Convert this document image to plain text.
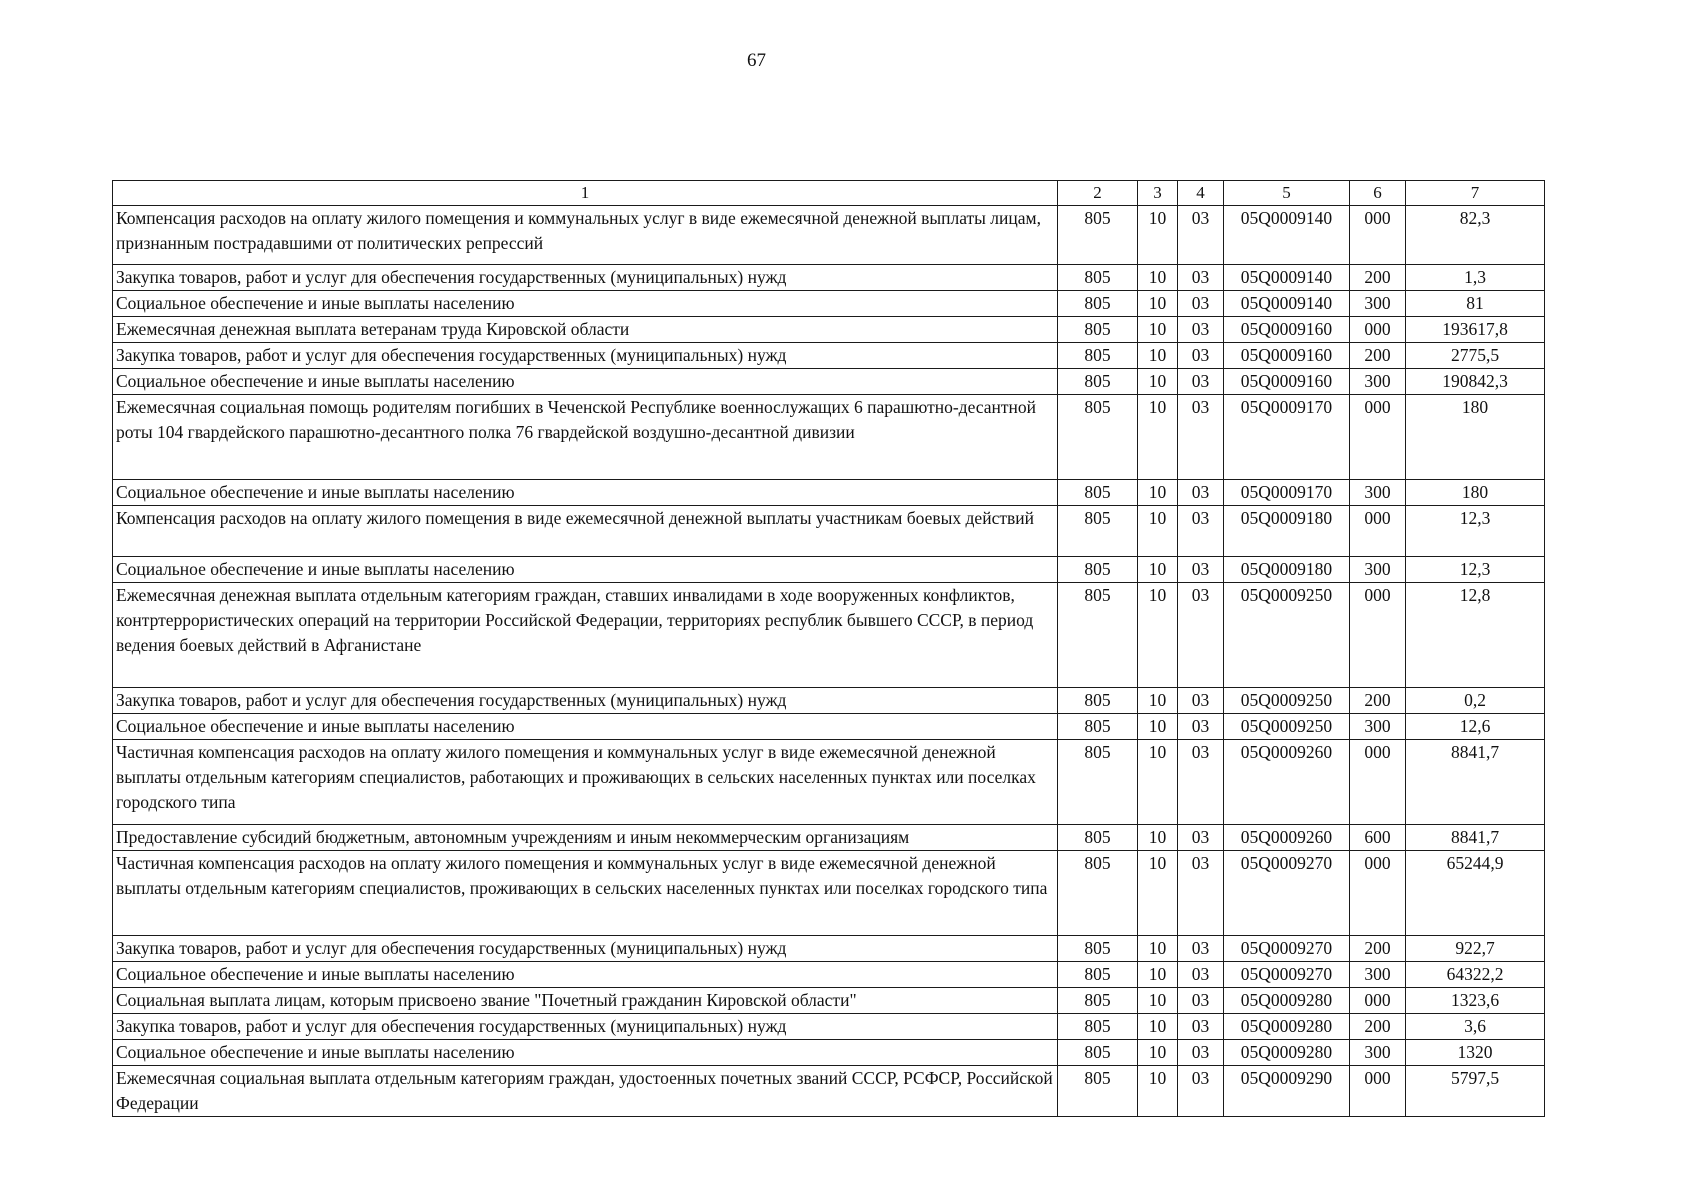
67
1	2	3	4	5	6	7
Компенсация расходов на оплату жилого помещения и коммунальных услуг в виде ежемесячной денежной выплаты лицам, признанным пострадавшими от политических репрессий	805	10	03	05Q0009140	000	82,3
Закупка товаров, работ и услуг для обеспечения государственных (муниципальных) нужд	805	10	03	05Q0009140	200	1,3
Социальное обеспечение и иные выплаты населению	805	10	03	05Q0009140	300	81
Ежемесячная денежная выплата ветеранам труда Кировской области	805	10	03	05Q0009160	000	193617,8
Закупка товаров, работ и услуг для обеспечения государственных (муниципальных) нужд	805	10	03	05Q0009160	200	2775,5
Социальное обеспечение и иные выплаты населению	805	10	03	05Q0009160	300	190842,3
Ежемесячная социальная помощь родителям погибших в Чеченской Республике военнослужащих 6 парашютно-десантной роты 104 гвардейского парашютно-десантного полка 76 гвардейской воздушно-десантной дивизии	805	10	03	05Q0009170	000	180
Социальное обеспечение и иные выплаты населению	805	10	03	05Q0009170	300	180
Компенсация расходов на оплату жилого помещения в виде ежемесячной денежной выплаты участникам боевых действий	805	10	03	05Q0009180	000	12,3
Социальное обеспечение и иные выплаты населению	805	10	03	05Q0009180	300	12,3
Ежемесячная денежная выплата отдельным категориям граждан, ставших инвалидами в ходе вооруженных конфликтов, контртеррористических операций на территории Российской Федерации, территориях республик бывшего СССР, в период ведения боевых действий в Афганистане	805	10	03	05Q0009250	000	12,8
Закупка товаров, работ и услуг для обеспечения государственных (муниципальных) нужд	805	10	03	05Q0009250	200	0,2
Социальное обеспечение и иные выплаты населению	805	10	03	05Q0009250	300	12,6
Частичная компенсация расходов на оплату жилого помещения и коммунальных услуг в виде ежемесячной денежной выплаты отдельным категориям специалистов, работающих и проживающих в сельских населенных пунктах или поселках городского типа	805	10	03	05Q0009260	000	8841,7
Предоставление субсидий бюджетным, автономным учреждениям и иным некоммерческим организациям	805	10	03	05Q0009260	600	8841,7
Частичная компенсация расходов на оплату жилого помещения и коммунальных услуг в виде ежемесячной денежной выплаты отдельным категориям специалистов, проживающих в сельских населенных пунктах или поселках городского типа	805	10	03	05Q0009270	000	65244,9
Закупка товаров, работ и услуг для обеспечения государственных (муниципальных) нужд	805	10	03	05Q0009270	200	922,7
Социальное обеспечение и иные выплаты населению	805	10	03	05Q0009270	300	64322,2
Социальная выплата лицам, которым присвоено звание "Почетный гражданин Кировской области"	805	10	03	05Q0009280	000	1323,6
Закупка товаров, работ и услуг для обеспечения государственных (муниципальных) нужд	805	10	03	05Q0009280	200	3,6
Социальное обеспечение и иные выплаты населению	805	10	03	05Q0009280	300	1320
Ежемесячная социальная выплата отдельным категориям граждан, удостоенных почетных званий СССР, РСФСР, Российской Федерации	805	10	03	05Q0009290	000	5797,5
